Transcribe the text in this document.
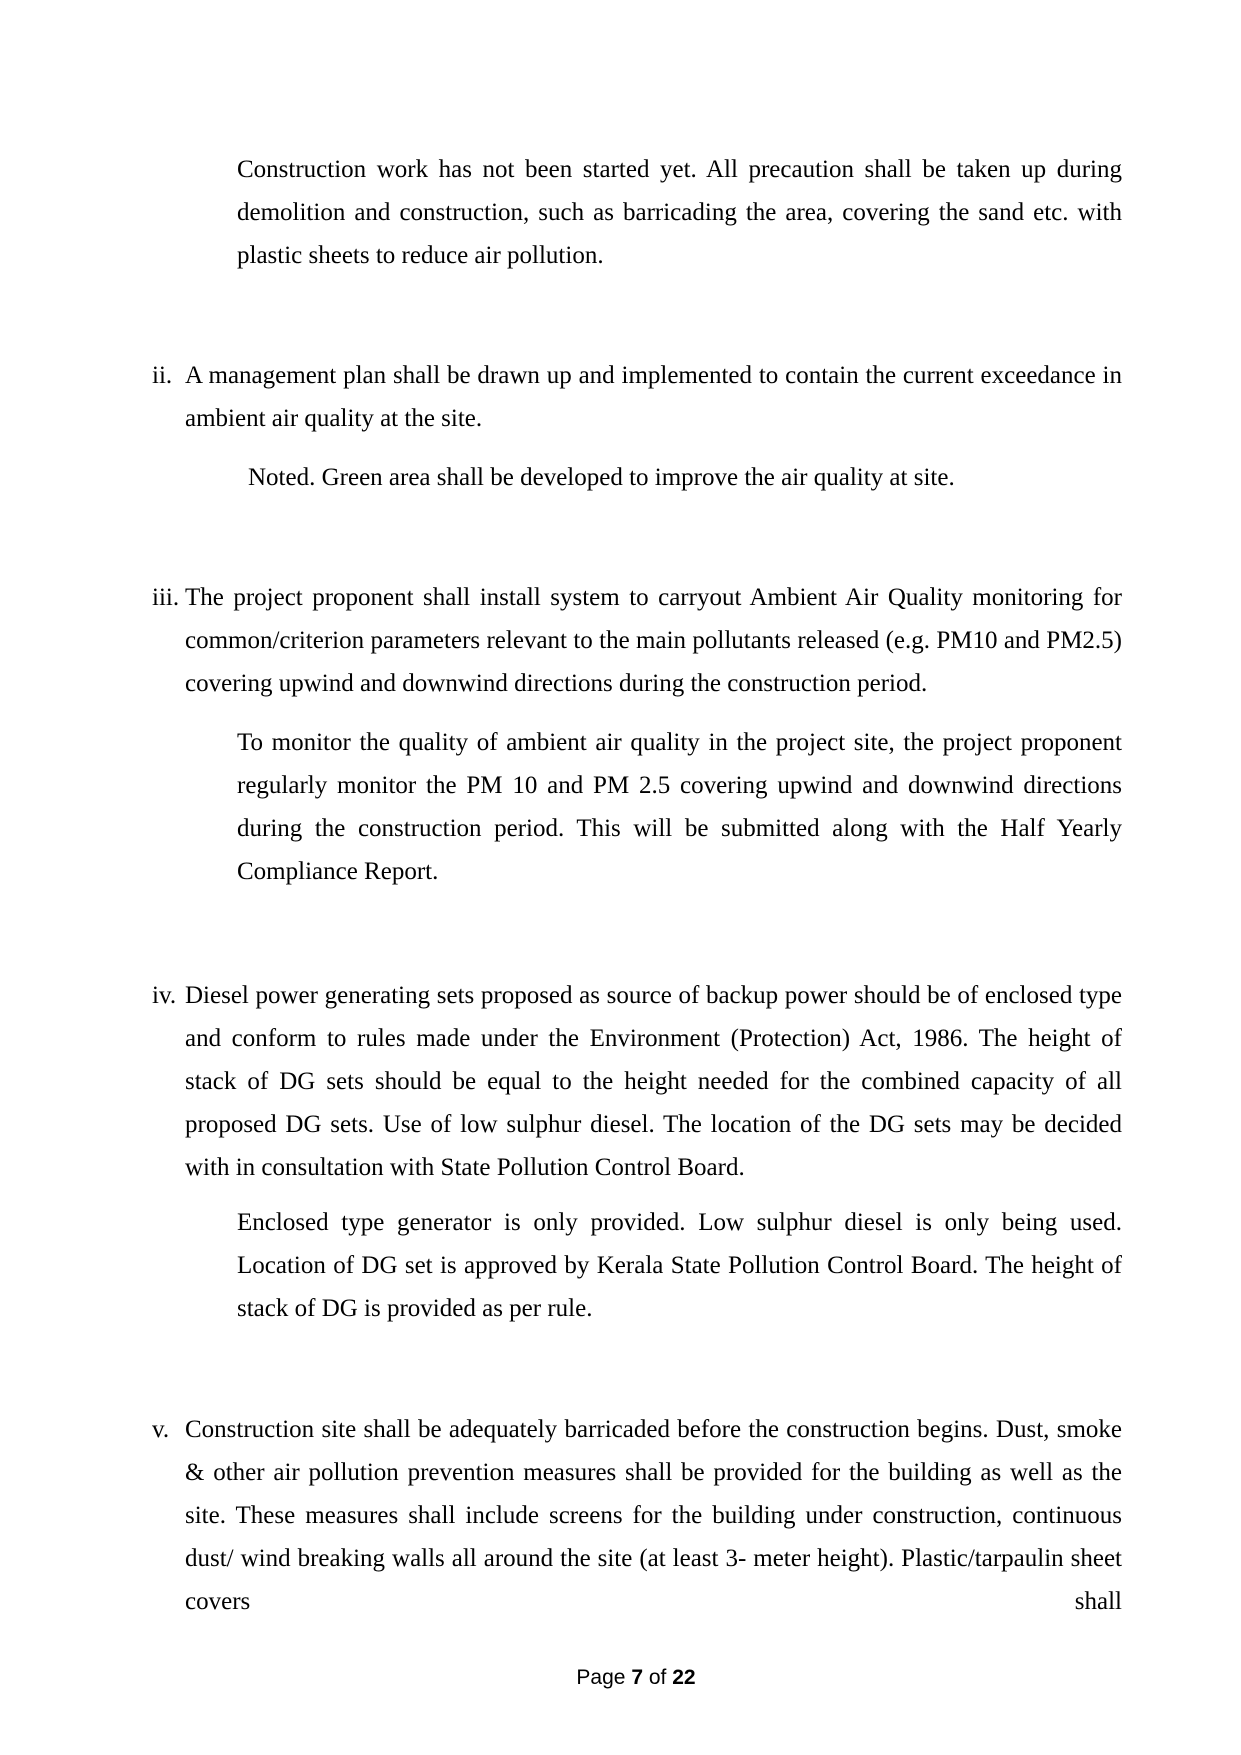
Construction work has not been started yet. All precaution shall be taken up during demolition and construction, such as barricading the area, covering the sand etc. with plastic sheets to reduce air pollution.

ii. A management plan shall be drawn up and implemented to contain the current exceedance in ambient air quality at the site.

Noted. Green area shall be developed to improve the air quality at site.

iii. The project proponent shall install system to carryout Ambient Air Quality monitoring for common/criterion parameters relevant to the main pollutants released (e.g. PM10 and PM2.5) covering upwind and downwind directions during the construction period.

To monitor the quality of ambient air quality in the project site, the project proponent regularly monitor the PM 10 and PM 2.5 covering upwind and downwind directions during the construction period. This will be submitted along with the Half Yearly Compliance Report.

iv. Diesel power generating sets proposed as source of backup power should be of enclosed type and conform to rules made under the Environment (Protection) Act, 1986. The height of stack of DG sets should be equal to the height needed for the combined capacity of all proposed DG sets. Use of low sulphur diesel. The location of the DG sets may be decided with in consultation with State Pollution Control Board.

Enclosed type generator is only provided. Low sulphur diesel is only being used. Location of DG set is approved by Kerala State Pollution Control Board. The height of stack of DG is provided as per rule.

v. Construction site shall be adequately barricaded before the construction begins. Dust, smoke & other air pollution prevention measures shall be provided for the building as well as the site. These measures shall include screens for the building under construction, continuous dust/ wind breaking walls all around the site (at least 3- meter height). Plastic/tarpaulin sheet covers shall
Page 7 of 22
